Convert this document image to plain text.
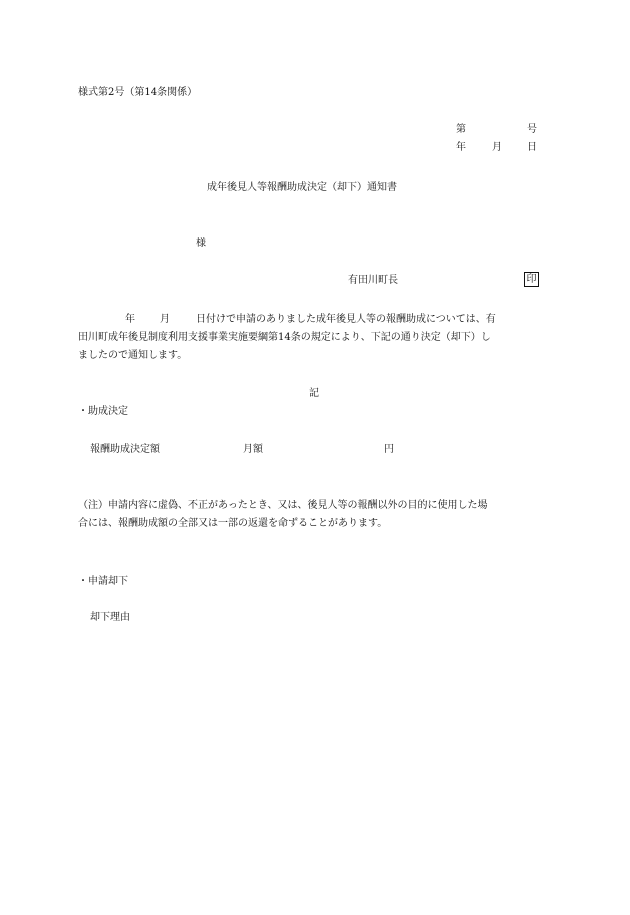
様式第2号（第14条関係）
第	号
年	月	日
成年後見人等報酬助成決定（却下）通知書
様
有田川町長	印
年	月	日付けで申請のありました成年後見人等の報酬助成については、有
田川町成年後見制度利用支援事業実施要綱第14条の規定により、下記の通り決定（却下）し
ましたので通知します。
記
・助成決定
報酬助成決定額	月額	円
（注）申請内容に虚偽、不正があったとき、又は、後見人等の報酬以外の目的に使用した場
合には、報酬助成額の全部又は一部の返還を命ずることがあります。
・申請却下
却下理由
